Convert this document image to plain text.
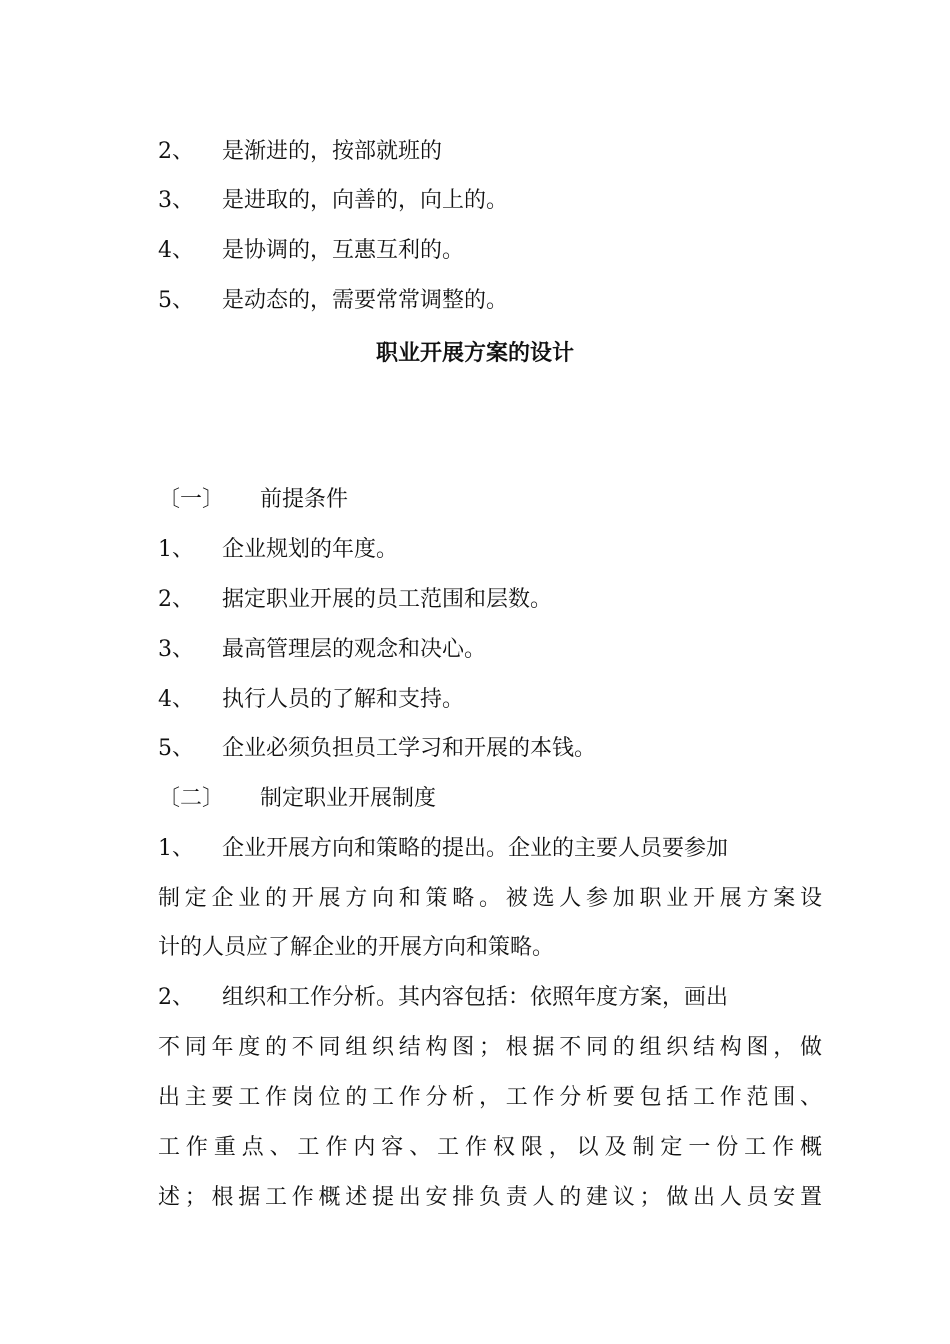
2、 是渐进的，按部就班的
3、 是进取的，向善的，向上的。
4、 是协调的，互惠互利的。
5、 是动态的，需要常常调整的。
职业开展方案的设计
〔一〕 前提条件
1、 企业规划的年度。
2、 据定职业开展的员工范围和层数。
3、 最高管理层的观念和决心。
4、 执行人员的了解和支持。
5、 企业必须负担员工学习和开展的本钱。
〔二〕 制定职业开展制度
1、 企业开展方向和策略的提出。企业的主要人员要参加
制定企业的开展方向和策略。被选人参加职业开展方案设
计的人员应了解企业的开展方向和策略。
2、 组织和工作分析。其内容包括：依照年度方案，画出
不同年度的不同组织结构图；根据不同的组织结构图，做
出主要工作岗位的工作分析，工作分析要包括工作范围、
工作重点、工作内容、工作权限，以及制定一份工作概
述；根据工作概述提出安排负责人的建议；做出人员安置
